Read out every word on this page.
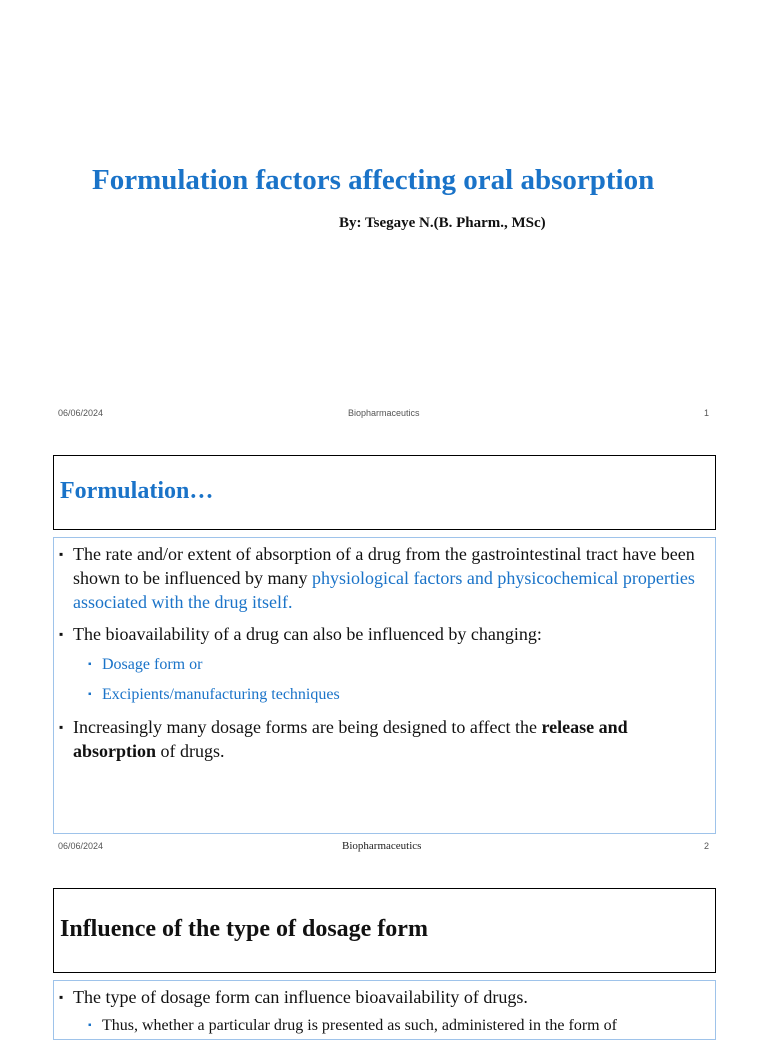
Formulation factors affecting oral absorption
By: Tsegaye N.(B. Pharm., MSc)
06/06/2024	Biopharmaceutics	1
Formulation…
▪ The rate and/or extent of absorption of a drug from the gastrointestinal tract have been shown to be influenced by many physiological factors and physicochemical properties associated with the drug itself.
▪ The bioavailability of a drug can also be influenced by changing:
▪ Dosage form or
▪ Excipients/manufacturing techniques
▪ Increasingly many dosage forms are being designed to affect the release and absorption of drugs.
06/06/2024	Biopharmaceutics	2
Influence of the type of dosage form
▪ The type of dosage form can influence bioavailability of drugs.
▪ Thus, whether a particular drug is presented as such, administered in the form of
